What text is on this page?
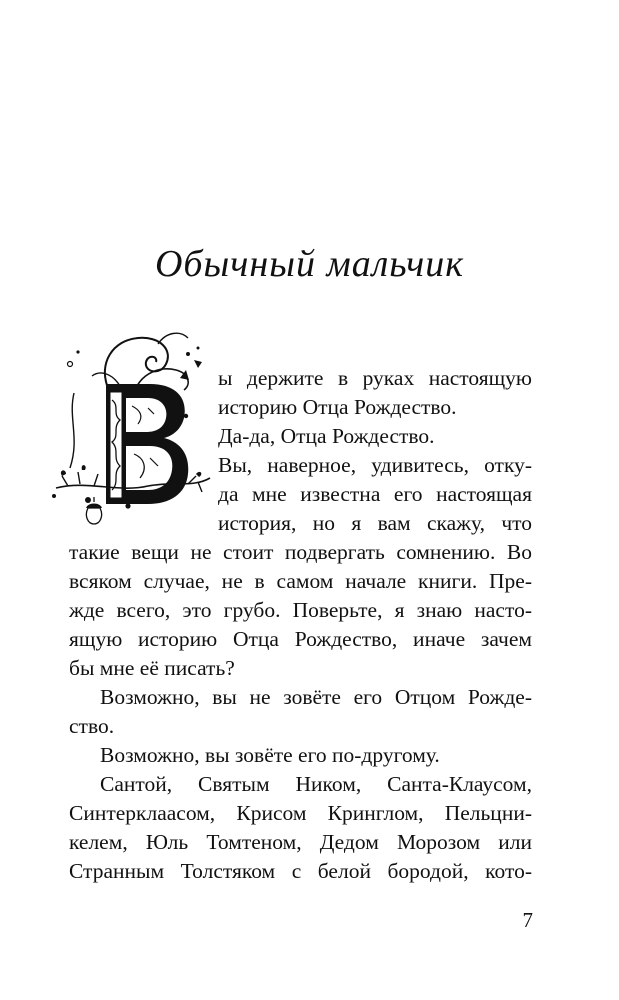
Обычный мальчик
ы держите в руках настоящую
историю Отца Рождество.
Да-да, Отца Рождество.
Вы, наверное, удивитесь, отку-
да мне известна его настоящая
история, но я вам скажу, что
такие вещи не стоит подвергать сомнению. Во
всяком случае, не в самом начале книги. Пре-
жде всего, это грубо. Поверьте, я знаю насто-
ящую историю Отца Рождество, иначе зачем
бы мне её писать?
Возможно, вы не зовёте его Отцом Рожде-
ство.
Возможно, вы зовёте его по-другому.
Сантой, Святым Ником, Санта-Клаусом,
Синтерклаасом, Крисом Кринглом, Пельцни-
келем, Юль Томтеном, Дедом Морозом или
Странным Толстяком с белой бородой, кото-
7
